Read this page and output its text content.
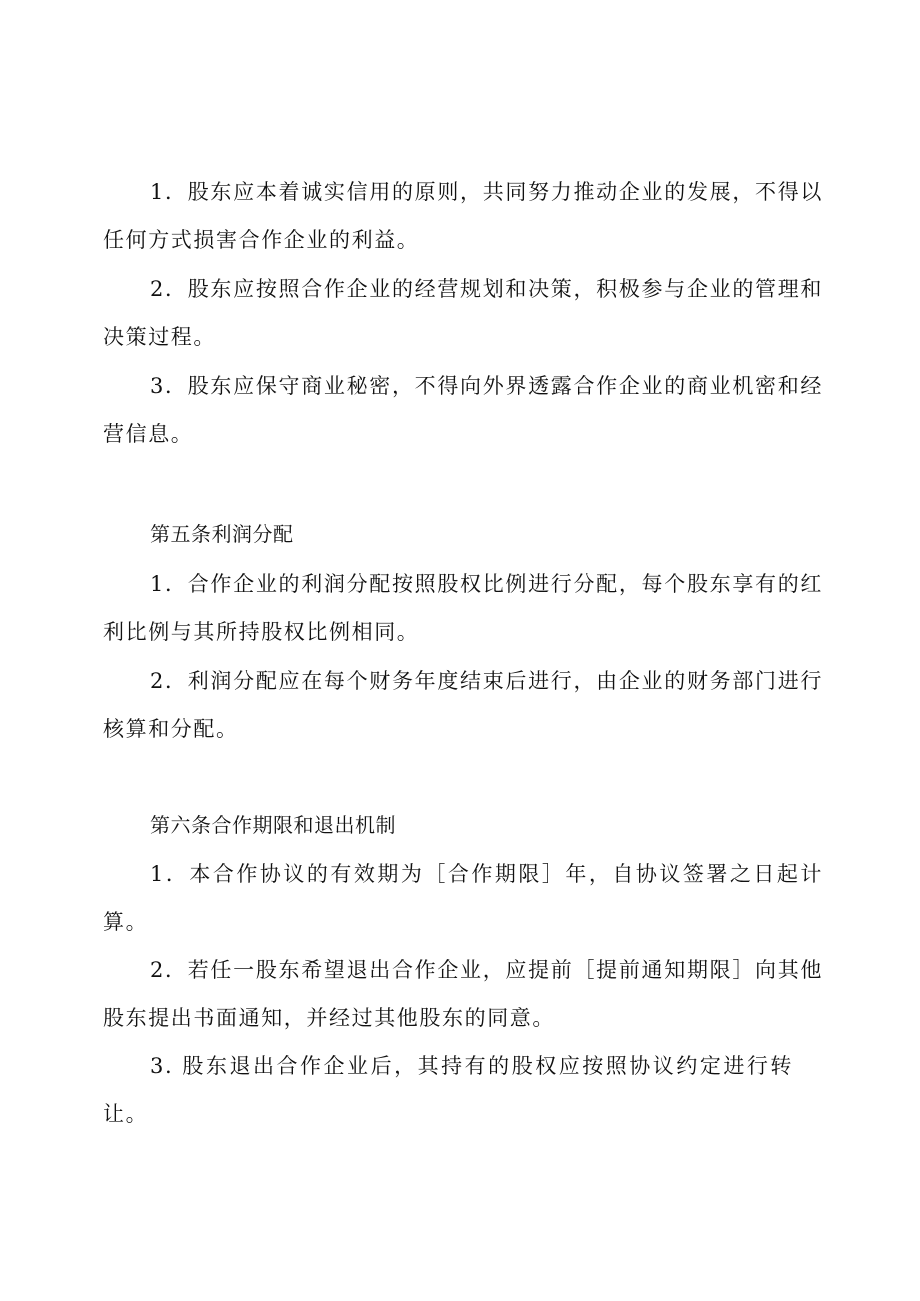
1．股东应本着诚实信用的原则，共同努力推动企业的发展，不得以任何方式损害合作企业的利益。

2．股东应按照合作企业的经营规划和决策，积极参与企业的管理和决策过程。

3．股东应保守商业秘密，不得向外界透露合作企业的商业机密和经营信息。

第五条利润分配

1．合作企业的利润分配按照股权比例进行分配，每个股东享有的红利比例与其所持股权比例相同。

2．利润分配应在每个财务年度结束后进行，由企业的财务部门进行核算和分配。

第六条合作期限和退出机制

1．本合作协议的有效期为［合作期限］年，自协议签署之日起计算。

2．若任一股东希望退出合作企业，应提前［提前通知期限］向其他股东提出书面通知，并经过其他股东的同意。

3. 股东退出合作企业后，其持有的股权应按照协议约定进行转让。
